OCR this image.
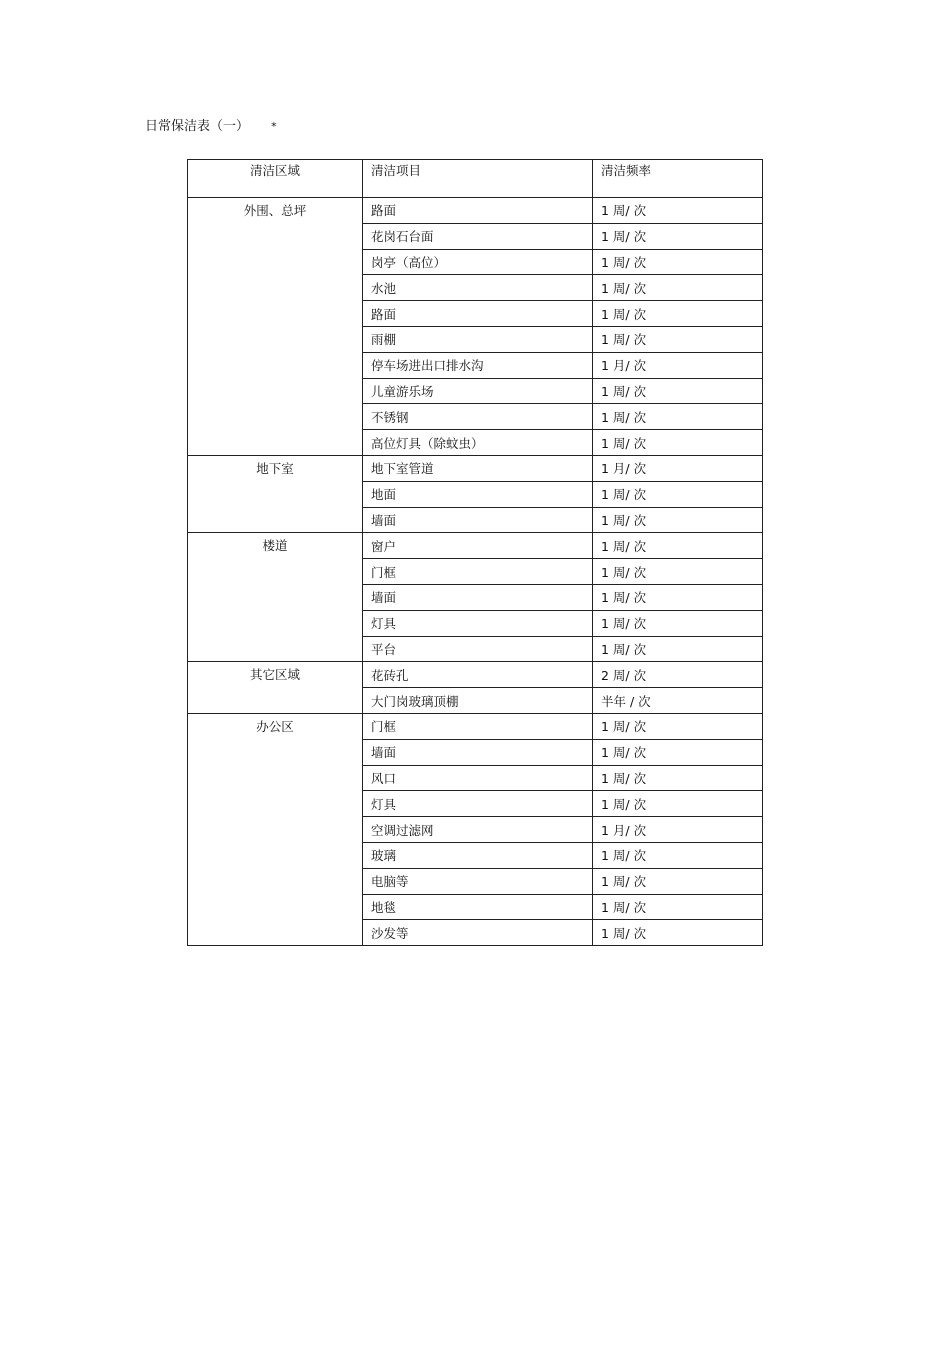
日常保洁表（一） *
清洁区域	清洁项目	清洁频率
外围、总坪	路面	1 周/ 次
	花岗石台面	1 周/ 次
	岗亭（高位）	1 周/ 次
	水池	1 周/ 次
	路面	1 周/ 次
	雨棚	1 周/ 次
	停车场进出口排水沟	1 月/ 次
	儿童游乐场	1 周/ 次
	不锈钢	1 周/ 次
	高位灯具（除蚊虫）	1 周/ 次
地下室	地下室管道	1 月/ 次
	地面	1 周/ 次
	墙面	1 周/ 次
楼道	窗户	1 周/ 次
	门框	1 周/ 次
	墙面	1 周/ 次
	灯具	1 周/ 次
	平台	1 周/ 次
其它区域	花砖孔	2 周/ 次
	大门岗玻璃顶棚	半年 / 次
办公区	门框	1 周/ 次
	墙面	1 周/ 次
	风口	1 周/ 次
	灯具	1 周/ 次
	空调过滤网	1 月/ 次
	玻璃	1 周/ 次
	电脑等	1 周/ 次
	地毯	1 周/ 次
	沙发等	1 周/ 次
